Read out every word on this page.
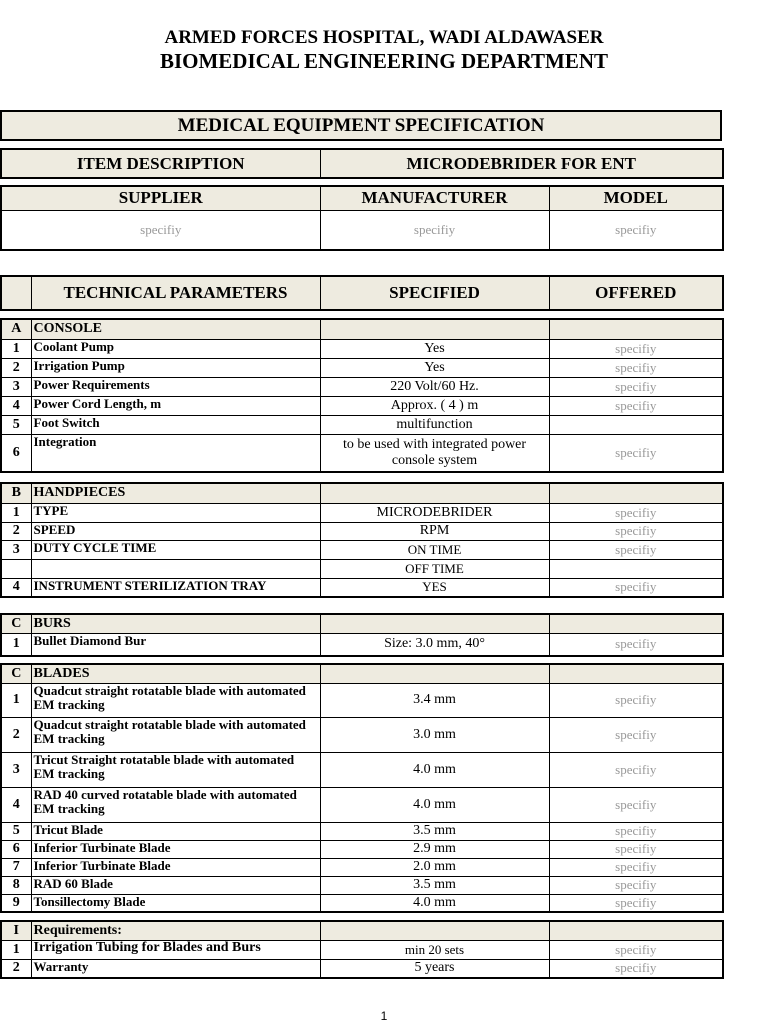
ARMED FORCES HOSPITAL, WADI ALDAWASER
BIOMEDICAL ENGINEERING DEPARTMENT
MEDICAL EQUIPMENT SPECIFICATION
ITEM DESCRIPTION	MICRODEBRIDER FOR ENT
SUPPLIER	MANUFACTURER	MODEL
specifiy	specifiy	specifiy
	TECHNICAL PARAMETERS	SPECIFIED	OFFERED
A	CONSOLE		
1	Coolant Pump	Yes	specifiy
2	Irrigation Pump	Yes	specifiy
3	Power Requirements	220 Volt/60 Hz.	specifiy
4	Power Cord Length, m	Approx. ( 4 ) m	specifiy
5	Foot Switch	multifunction	
6	Integration	to be used with integrated power console system	specifiy
B	HANDPIECES		
1	TYPE	MICRODEBRIDER	specifiy
2	SPEED	RPM	specifiy
3	DUTY CYCLE TIME	ON TIME	specifiy
		OFF TIME	
4	INSTRUMENT STERILIZATION TRAY	YES	specifiy
C	BURS		
1	Bullet Diamond Bur	Size: 3.0 mm, 40°	specifiy
C	BLADES		
1	Quadcut straight rotatable blade with automated EM tracking	3.4 mm	specifiy
2	Quadcut straight rotatable blade with automated EM tracking	3.0 mm	specifiy
3	Tricut Straight rotatable blade with automated EM tracking	4.0 mm	specifiy
4	RAD 40 curved rotatable blade with automated EM tracking	4.0 mm	specifiy
5	Tricut Blade	3.5 mm	specifiy
6	Inferior Turbinate Blade	2.9 mm	specifiy
7	Inferior Turbinate Blade	2.0 mm	specifiy
8	RAD 60 Blade	3.5 mm	specifiy
9	Tonsillectomy Blade	4.0 mm	specifiy
I	Requirements:		
1	Irrigation Tubing for Blades and Burs	min 20 sets	specifiy
2	Warranty	5 years	specifiy
1
